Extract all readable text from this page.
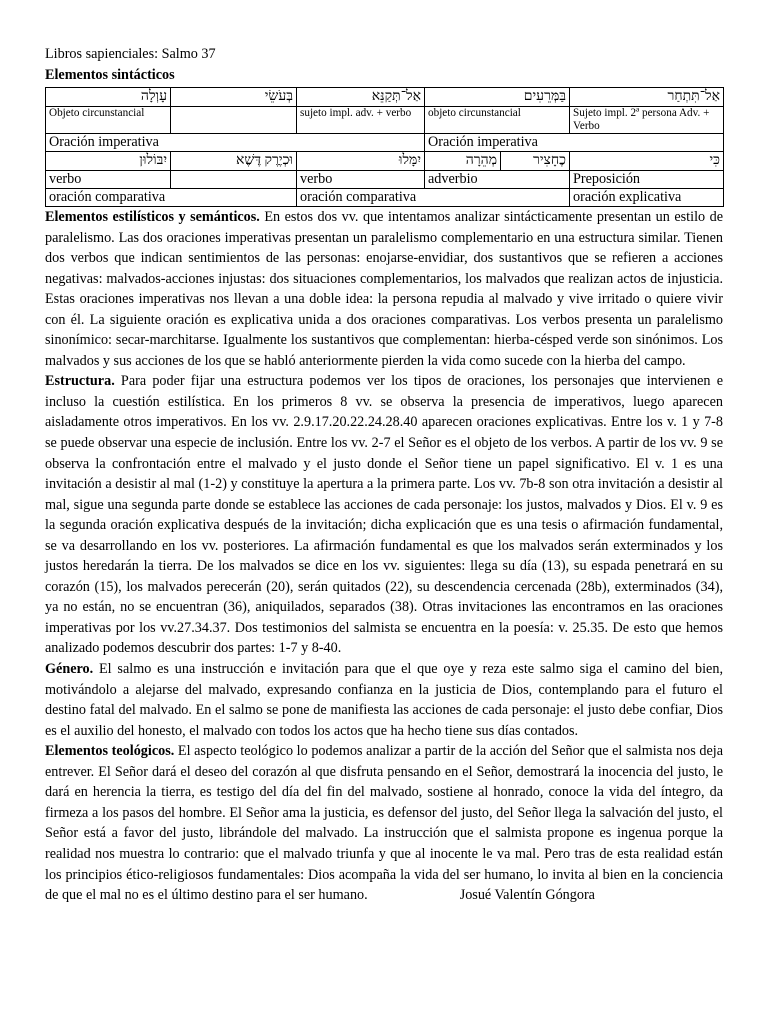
Libros sapienciales: Salmo 37
Elementos sintácticos
עָוְלָה	בְּעֹשֵׂי	אַל־תְּקַנֵּא	בַּמְּרֵעִים		אַל־תִּתְחַר
Objeto circunstancial		sujeto impl. adv. + verbo	objeto circunstancial		Sujeto impl. 2ª persona Adv. + Verbo
Oración imperativa			Oración imperativa		
יִבּוֹלוּן	וּכְיֶרֶק דֶּשֶׁא	יִמָּלוּ	מְהֵרָה	כֶחָצִיר	כִּי
verbo		verbo	adverbio		Preposición
oración comparativa		oración comparativa			oración explicativa

Elementos estilísticos y semánticos. En estos dos vv. que intentamos analizar sintácticamente presentan un estilo de paralelismo. Las dos oraciones imperativas presentan un paralelismo complementario en una estructura similar. Tienen dos verbos que indican sentimientos de las personas: enojarse-envidiar, dos sustantivos que se refieren a acciones negativas: malvados-acciones injustas: dos situaciones complementarios, los malvados que realizan actos de injusticia. Estas oraciones imperativas nos llevan a una doble idea: la persona repudia al malvado y vive irritado o quiere vivir con él. La siguiente oración es explicativa unida a dos oraciones comparativas. Los verbos presenta un paralelismo sinonímico: secar-marchitarse. Igualmente los sustantivos que complementan: hierba-césped verde son sinónimos. Los malvados y sus acciones de los que se habló anteriormente pierden la vida como sucede con la hierba del campo.

Estructura. Para poder fijar una estructura podemos ver los tipos de oraciones, los personajes que intervienen e incluso la cuestión estilística. En los primeros 8 vv. se observa la presencia de imperativos, luego aparecen aisladamente otros imperativos. En los vv. 2.9.17.20.22.24.28.40 aparecen oraciones explicativas. Entre los v. 1 y 7-8 se puede observar una especie de inclusión. Entre los vv. 2-7 el Señor es el objeto de los verbos. A partir de los vv. 9 se observa la confrontación entre el malvado y el justo donde el Señor tiene un papel significativo. El v. 1 es una invitación a desistir al mal (1-2) y constituye la apertura a la primera parte. Los vv. 7b-8 son otra invitación a desistir al mal, sigue una segunda parte donde se establece las acciones de cada personaje: los justos, malvados y Dios. El v. 9 es la segunda oración explicativa después de la invitación; dicha explicación que es una tesis o afirmación fundamental, se va desarrollando en los vv. posteriores. La afirmación fundamental es que los malvados serán exterminados y los justos heredarán la tierra. De los malvados se dice en los vv. siguientes: llega su día (13), su espada penetrará en su corazón (15), los malvados perecerán (20), serán quitados (22), su descendencia cercenada (28b), exterminados (34), ya no están, no se encuentran (36), aniquilados, separados (38). Otras invitaciones las encontramos en las oraciones imperativas por los vv.27.34.37. Dos testimonios del salmista se encuentra en la poesía: v. 25.35. De esto que hemos analizado podemos descubrir dos partes: 1-7 y 8-40.

Género. El salmo es una instrucción e invitación para que el que oye y reza este salmo siga el camino del bien, motivándolo a alejarse del malvado, expresando confianza en la justicia de Dios, contemplando para el futuro el destino fatal del malvado. En el salmo se pone de manifiesta las acciones de cada personaje: el justo debe confiar, Dios es el auxilio del honesto, el malvado con todos los actos que ha hecho tiene sus días contados.

Elementos teológicos. El aspecto teológico lo podemos analizar a partir de la acción del Señor que el salmista nos deja entrever. El Señor dará el deseo del corazón al que disfruta pensando en el Señor, demostrará la inocencia del justo, le dará en herencia la tierra, es testigo del día del fin del malvado, sostiene al honrado, conoce la vida del íntegro, da firmeza a los pasos del hombre. El Señor ama la justicia, es defensor del justo, del Señor llega la salvación del justo, el Señor está a favor del justo, librándole del malvado. La instrucción que el salmista propone es ingenua porque la realidad nos muestra lo contrario: que el malvado triunfa y que al inocente le va mal. Pero tras de esta realidad están los principios ético-religiosos fundamentales: Dios acompaña la vida del ser humano, lo invita al bien en la conciencia de que el mal no es el último destino para el ser humano.	Josué Valentín Góngora
